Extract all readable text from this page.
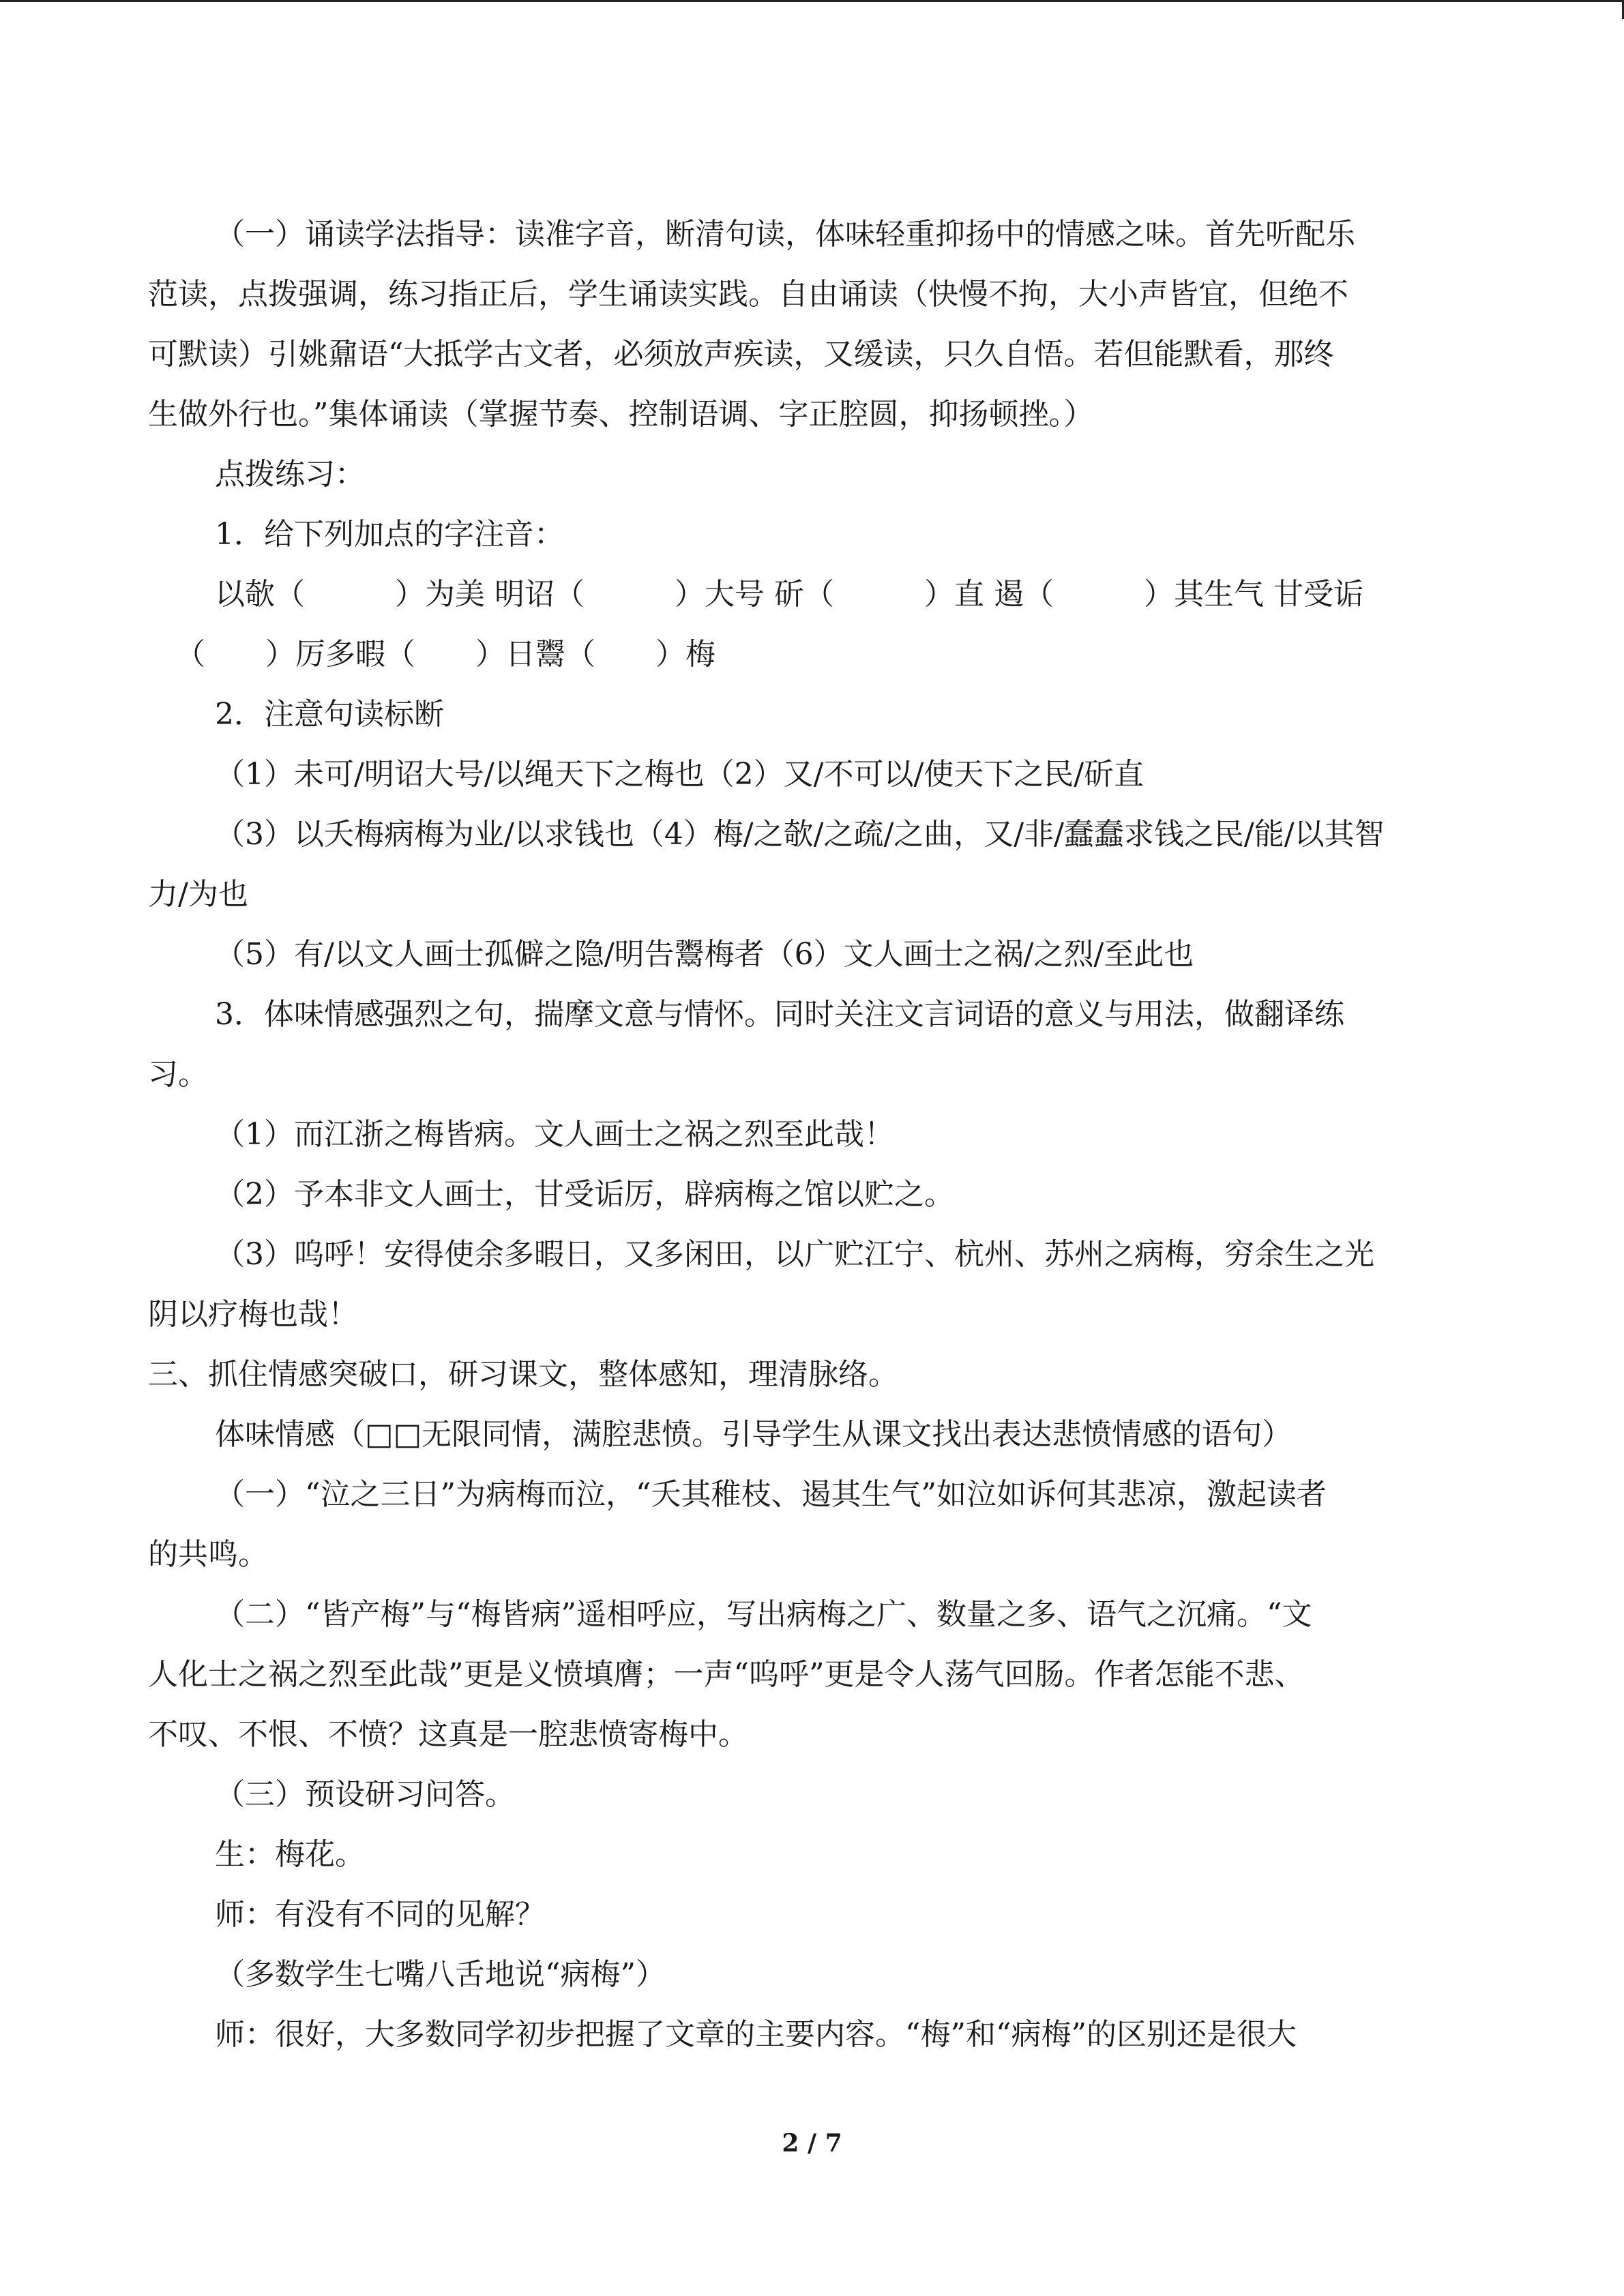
（一）诵读学法指导：读准字音，断清句读，体味轻重抑扬中的情感之味。首先听配乐

范读，点拨强调，练习指正后，学生诵读实践。自由诵读（快慢不拘，大小声皆宜，但绝不

可默读）引姚鼐语“大抵学古文者，必须放声疾读，又缓读，只久自悟。若但能默看，那终

生做外行也。”集体诵读（掌握节奏、控制语调、字正腔圆，抑扬顿挫。）

点拨练习：

1．给下列加点的字注音：

以欹（　　　）为美 明诏（　　　）大号 斫（　　　）直 遏（　　　）其生气 甘受诟

（　　）厉多暇（　　）日鬻（　　）梅

2．注意句读标断

（1）未可/明诏大号/以绳天下之梅也（2）又/不可以/使天下之民/斫直

（3）以夭梅病梅为业/以求钱也（4）梅/之欹/之疏/之曲，又/非/蠢蠢求钱之民/能/以其智

力/为也

（5）有/以文人画士孤僻之隐/明告鬻梅者（6）文人画士之祸/之烈/至此也

3．体味情感强烈之句，揣摩文意与情怀。同时关注文言词语的意义与用法，做翻译练

习。

（1）而江浙之梅皆病。文人画士之祸之烈至此哉！

（2）予本非文人画士，甘受诟厉，辟病梅之馆以贮之。

（3）呜呼！安得使余多暇日，又多闲田，以广贮江宁、杭州、苏州之病梅，穷余生之光

阴以疗梅也哉！

三、抓住情感突破口，研习课文，整体感知，理清脉络。

体味情感（□□无限同情，满腔悲愤。引导学生从课文找出表达悲愤情感的语句）

（一）“泣之三日”为病梅而泣，“夭其稚枝、遏其生气”如泣如诉何其悲凉，激起读者

的共鸣。

（二）“皆产梅”与“梅皆病”遥相呼应，写出病梅之广、数量之多、语气之沉痛。“文

人化士之祸之烈至此哉”更是义愤填膺；一声“呜呼”更是令人荡气回肠。作者怎能不悲、

不叹、不恨、不愤？这真是一腔悲愤寄梅中。

（三）预设研习问答。

生：梅花。

师：有没有不同的见解？

（多数学生七嘴八舌地说“病梅”）

师：很好，大多数同学初步把握了文章的主要内容。“梅”和“病梅”的区别还是很大

2 / 7
